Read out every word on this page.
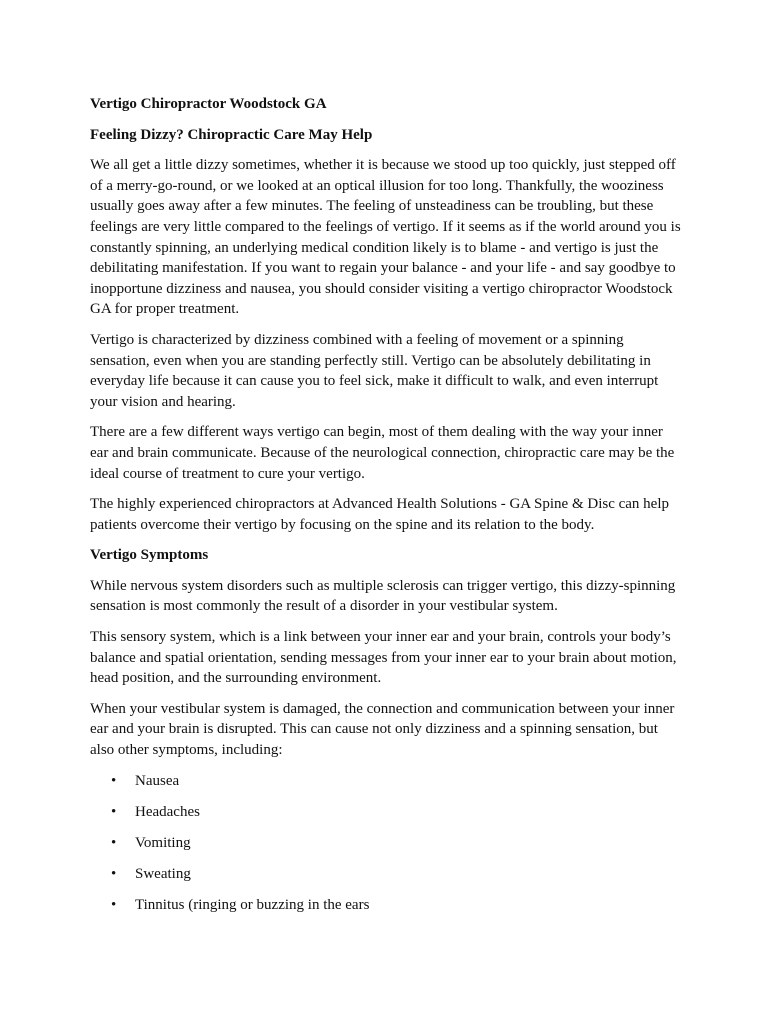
Vertigo Chiropractor Woodstock GA

Feeling Dizzy? Chiropractic Care May Help

We all get a little dizzy sometimes, whether it is because we stood up too quickly, just stepped off of a merry-go-round, or we looked at an optical illusion for too long. Thankfully, the wooziness usually goes away after a few minutes. The feeling of unsteadiness can be troubling, but these feelings are very little compared to the feelings of vertigo. If it seems as if the world around you is constantly spinning, an underlying medical condition likely is to blame - and vertigo is just the debilitating manifestation. If you want to regain your balance - and your life - and say goodbye to inopportune dizziness and nausea, you should consider visiting a vertigo chiropractor Woodstock GA for proper treatment.

Vertigo is characterized by dizziness combined with a feeling of movement or a spinning sensation, even when you are standing perfectly still. Vertigo can be absolutely debilitating in everyday life because it can cause you to feel sick, make it difficult to walk, and even interrupt your vision and hearing.

There are a few different ways vertigo can begin, most of them dealing with the way your inner ear and brain communicate. Because of the neurological connection, chiropractic care may be the ideal course of treatment to cure your vertigo.

The highly experienced chiropractors at Advanced Health Solutions - GA Spine & Disc can help patients overcome their vertigo by focusing on the spine and its relation to the body.

Vertigo Symptoms

While nervous system disorders such as multiple sclerosis can trigger vertigo, this dizzy-spinning sensation is most commonly the result of a disorder in your vestibular system.

This sensory system, which is a link between your inner ear and your brain, controls your body’s balance and spatial orientation, sending messages from your inner ear to your brain about motion, head position, and the surrounding environment.

When your vestibular system is damaged, the connection and communication between your inner ear and your brain is disrupted. This can cause not only dizziness and a spinning sensation, but also other symptoms, including:

• Nausea
• Headaches
• Vomiting
• Sweating
• Tinnitus (ringing or buzzing in the ears
